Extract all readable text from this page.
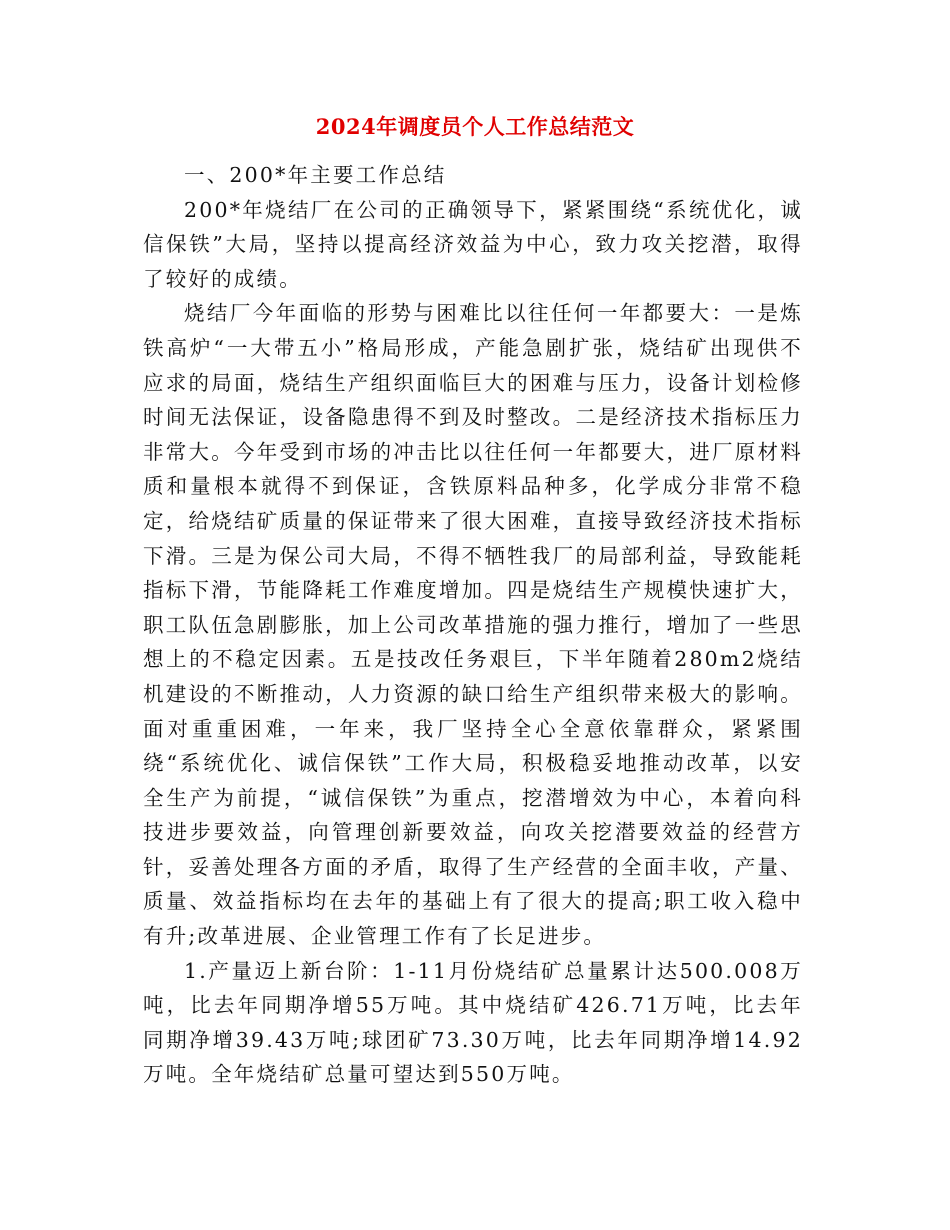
2024年调度员个人工作总结范文

一、200*年主要工作总结

200*年烧结厂在公司的正确领导下，紧紧围绕“系统优化，诚信保铁”大局，坚持以提高经济效益为中心，致力攻关挖潜，取得了较好的成绩。

烧结厂今年面临的形势与困难比以往任何一年都要大：一是炼铁高炉“一大带五小”格局形成，产能急剧扩张，烧结矿出现供不应求的局面，烧结生产组织面临巨大的困难与压力，设备计划检修时间无法保证，设备隐患得不到及时整改。二是经济技术指标压力非常大。今年受到市场的冲击比以往任何一年都要大，进厂原材料质和量根本就得不到保证，含铁原料品种多，化学成分非常不稳定，给烧结矿质量的保证带来了很大困难，直接导致经济技术指标下滑。三是为保公司大局，不得不牺牲我厂的局部利益，导致能耗指标下滑，节能降耗工作难度增加。四是烧结生产规模快速扩大，职工队伍急剧膨胀，加上公司改革措施的强力推行，增加了一些思想上的不稳定因素。五是技改任务艰巨，下半年随着280m2烧结机建设的不断推动，人力资源的缺口给生产组织带来极大的影响。面对重重困难，一年来，我厂坚持全心全意依靠群众，紧紧围绕“系统优化、诚信保铁”工作大局，积极稳妥地推动改革，以安全生产为前提，“诚信保铁”为重点，挖潜增效为中心，本着向科技进步要效益，向管理创新要效益，向攻关挖潜要效益的经营方针，妥善处理各方面的矛盾，取得了生产经营的全面丰收，产量、质量、效益指标均在去年的基础上有了很大的提高;职工收入稳中有升;改革进展、企业管理工作有了长足进步。

1.产量迈上新台阶：1-11月份烧结矿总量累计达500.008万吨，比去年同期净增55万吨。其中烧结矿426.71万吨，比去年同期净增39.43万吨;球团矿73.30万吨，比去年同期净增14.92万吨。全年烧结矿总量可望达到550万吨。
